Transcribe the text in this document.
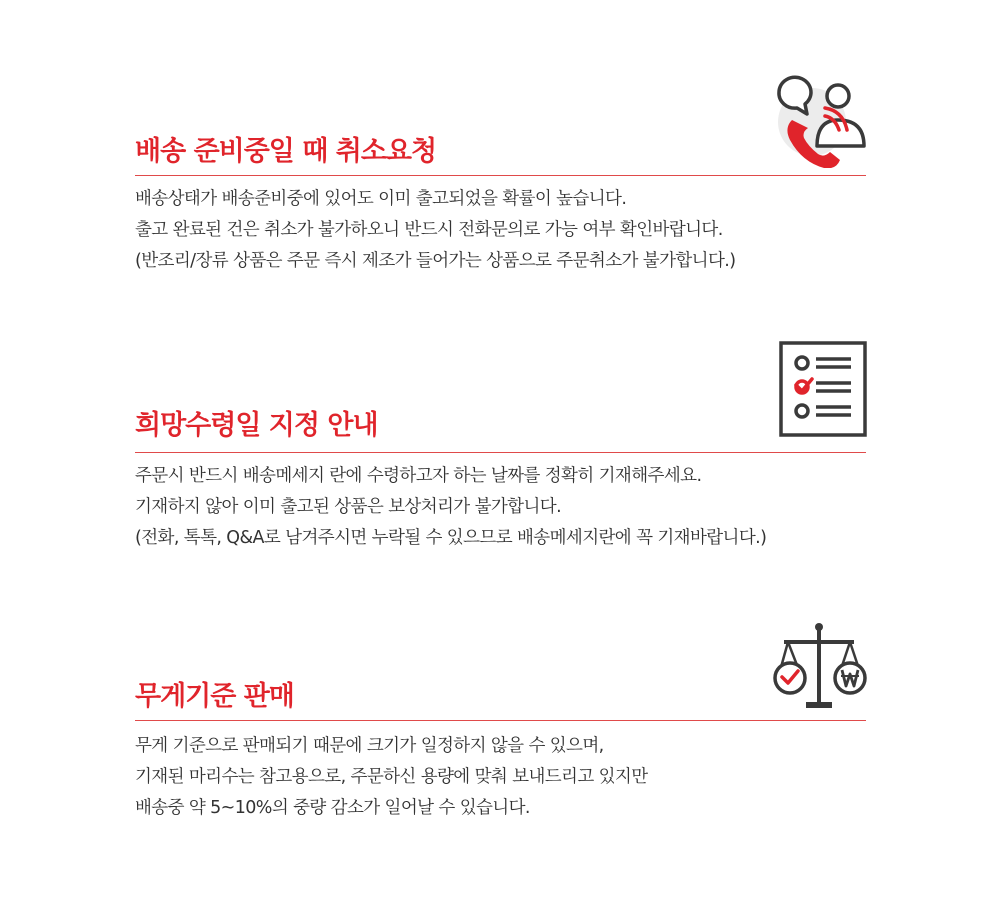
배송 준비중일 때 취소요청
배송상태가 배송준비중에 있어도 이미 출고되었을 확률이 높습니다.
출고 완료된 건은 취소가 불가하오니 반드시 전화문의로 가능 여부 확인바랍니다.
(반조리/장류 상품은 주문 즉시 제조가 들어가는 상품으로 주문취소가 불가합니다.)
희망수령일 지정 안내
주문시 반드시 배송메세지 란에 수령하고자 하는 날짜를 정확히 기재해주세요.
기재하지 않아 이미 출고된 상품은 보상처리가 불가합니다.
(전화, 톡톡, Q&A로 남겨주시면 누락될 수 있으므로 배송메세지란에 꼭 기재바랍니다.)
무게기준 판매
무게 기준으로 판매되기 때문에 크기가 일정하지 않을 수 있으며,
기재된 마리수는 참고용으로, 주문하신 용량에 맞춰 보내드리고 있지만
배송중 약 5~10%의 중량 감소가 일어날 수 있습니다.
